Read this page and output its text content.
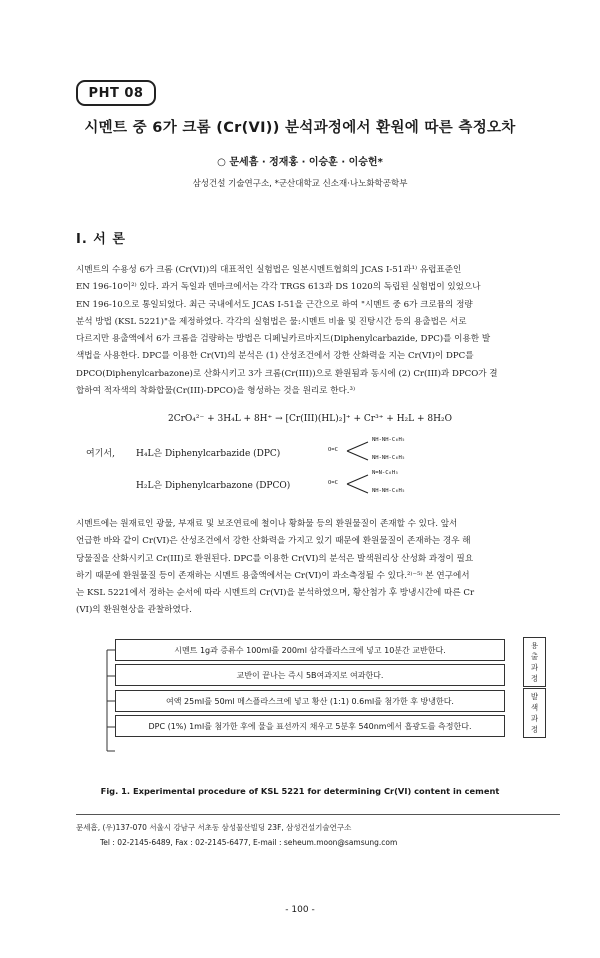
PHT 08
시멘트 중 6가 크롬 (Cr(VI)) 분석과정에서 환원에 따른 측정오차
○ 문세흠 · 정재홍 · 이승훈 · 이승헌*
삼성건설 기술연구소, *군산대학교 신소재·나노화학공학부
I. 서 론
시멘트의 수용성 6가 크롬 (Cr(VI))의 대표적인 실험법은 일본시멘트협회의 JCAS I-51과¹⁾ 유럽표준인
EN 196-10이²⁾ 있다. 과거 독일과 덴마크에서는 각각 TRGS 613과 DS 1020의 독립된 실험법이 있었으나
EN 196-10으로 통일되었다. 최근 국내에서도 JCAS I-51을 근간으로 하여 "시멘트 중 6가 크로뮴의 정량
분석 방법 (KSL 5221)"을 제정하였다. 각각의 실험법은 물:시멘트 비율 및 진탕시간 등의 용출법은 서로
다르지만 용출액에서 6가 크롬을 검량하는 방법은 디페닐카르바지드(Diphenylcarbazide, DPC)를 이용한 발
색법을 사용한다. DPC를 이용한 Cr(VI)의 분석은 (1) 산성조건에서 강한 산화력을 지는 Cr(VI)이 DPC를
DPCO(Diphenylcarbazone)로 산화시키고 3가 크롬(Cr(III))으로 환원됨과 동시에 (2) Cr(III)과 DPCO가 결
합하여 적자색의 착화합물(Cr(III)-DPCO)을 형성하는 것을 원리로 한다.³⁾
2CrO₄²⁻ + 3H₄L + 8H⁺ → [Cr(III)(HL)₂]⁺ + Cr³⁺ + H₂L + 8H₂O
여기서, H₄L은 Diphenylcarbazide (DPC)
H₂L은 Diphenylcarbazone (DPCO)
O=C
NH-NH-C₆H₅
NH-NH-C₆H₅
O=C
N=N-C₆H₅
NH-NH-C₆H₅
시멘트에는 원재료인 광물, 부재료 및 보조연료에 철이나 황화물 등의 환원물질이 존재할 수 있다. 앞서
언급한 바와 같이 Cr(VI)은 산성조건에서 강한 산화력을 가지고 있기 때문에 환원물질이 존재하는 경우 해
당물질을 산화시키고 Cr(III)로 환원된다. DPC를 이용한 Cr(VI)의 분석은 발색원리상 산성화 과정이 필요
하기 때문에 환원물질 등이 존재하는 시멘트 용출액에서는 Cr(VI)이 과소측정될 수 있다.²⁾⁻⁵⁾ 본 연구에서
는 KSL 5221에서 정하는 순서에 따라 시멘트의 Cr(VI)을 분석하였으며, 황산첨가 후 방냉시간에 따른 Cr
(VI)의 환원현상을 관찰하였다.
시멘트 1g과 증류수 100ml를 200ml 삼각플라스크에 넣고 10분간 교반한다.
교반이 끝나는 즉시 5B여과지로 여과한다.
여액 25ml를 50ml 메스플라스크에 넣고 황산 (1:1) 0.6ml를 첨가한 후 방냉한다.
DPC (1%) 1ml를 첨가한 후에 물을 표선까지 채우고 5분후 540nm에서 흡광도를 측정한다.
용출과정
발색과정
Fig. 1. Experimental procedure of KSL 5221 for determining Cr(VI) content in cement
문세흠, (우)137-070 서울시 강남구 서초동 삼성물산빌딩 23F, 삼성건설기술연구소
Tel : 02-2145-6489, Fax : 02-2145-6477, E-mail : seheum.moon@samsung.com
- 100 -
